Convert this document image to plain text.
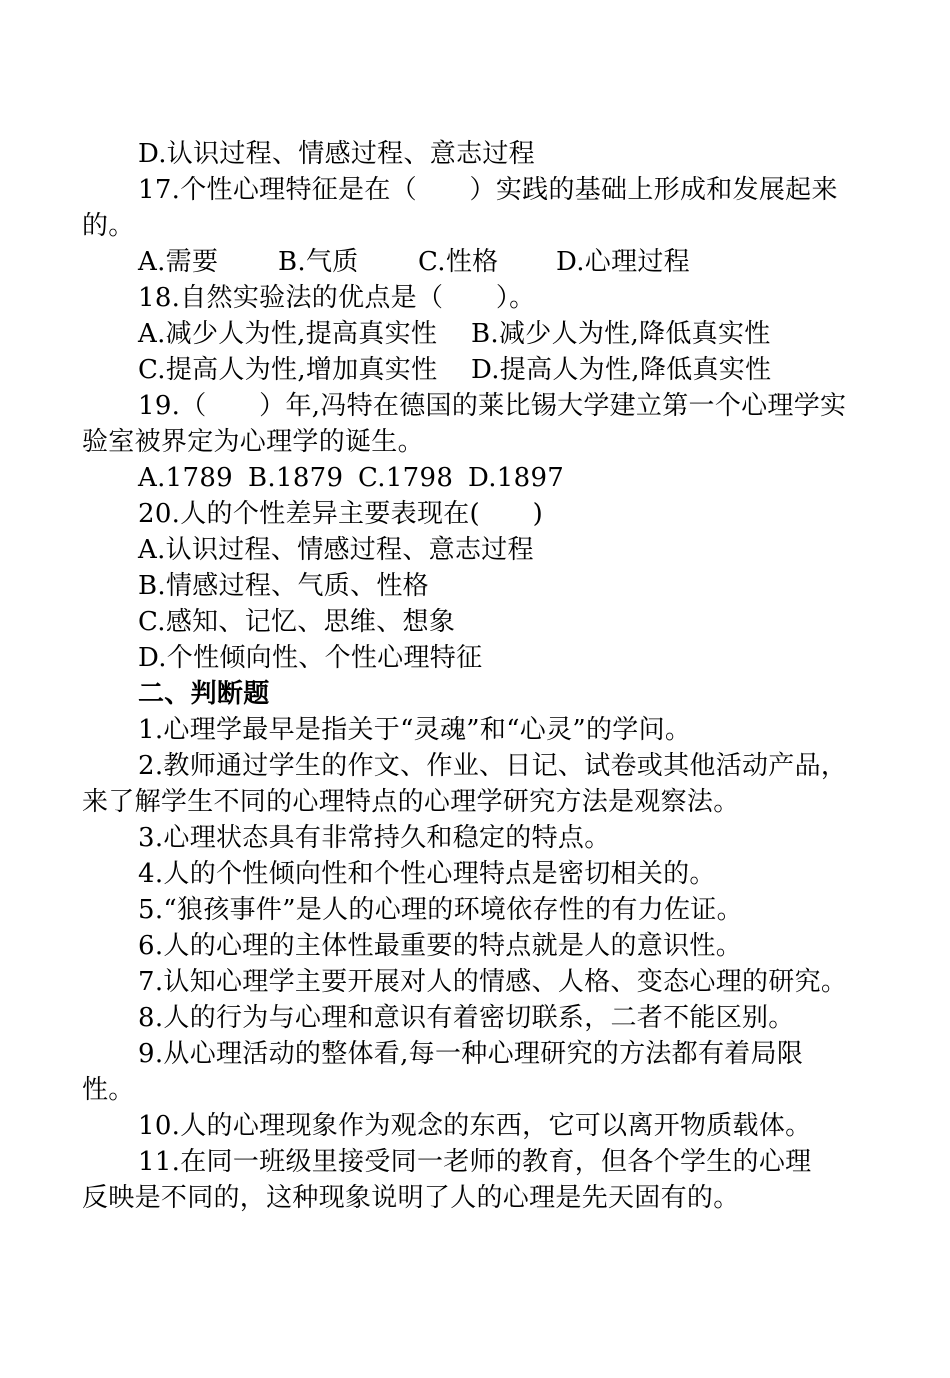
D.认识过程、情感过程、意志过程
17.个性心理特征是在（　　）实践的基础上形成和发展起来
的。
A.需要 B.气质 C.性格 D.心理过程
18.自然实验法的优点是（　　）。
A.减少人为性,提高真实性 B.减少人为性,降低真实性
C.提高人为性,增加真实性 D.提高人为性,降低真实性
19.（　　）年,冯特在德国的莱比锡大学建立第一个心理学实
验室被界定为心理学的诞生。
A.1789 B.1879 C.1798 D.1897
20.人的个性差异主要表现在(　　)
A.认识过程、情感过程、意志过程
B.情感过程、气质、性格
C.感知、记忆、思维、想象
D.个性倾向性、个性心理特征
二、判断题
1.心理学最早是指关于“灵魂”和“心灵”的学问。
2.教师通过学生的作文、作业、日记、试卷或其他活动产品，
来了解学生不同的心理特点的心理学研究方法是观察法。
3.心理状态具有非常持久和稳定的特点。
4.人的个性倾向性和个性心理特点是密切相关的。
5.“狼孩事件”是人的心理的环境依存性的有力佐证。
6.人的心理的主体性最重要的特点就是人的意识性。
7.认知心理学主要开展对人的情感、人格、变态心理的研究。
8.人的行为与心理和意识有着密切联系，二者不能区别。
9.从心理活动的整体看,每一种心理研究的方法都有着局限
性。
10.人的心理现象作为观念的东西，它可以离开物质载体。
11.在同一班级里接受同一老师的教育，但各个学生的心理
反映是不同的，这种现象说明了人的心理是先天固有的。
